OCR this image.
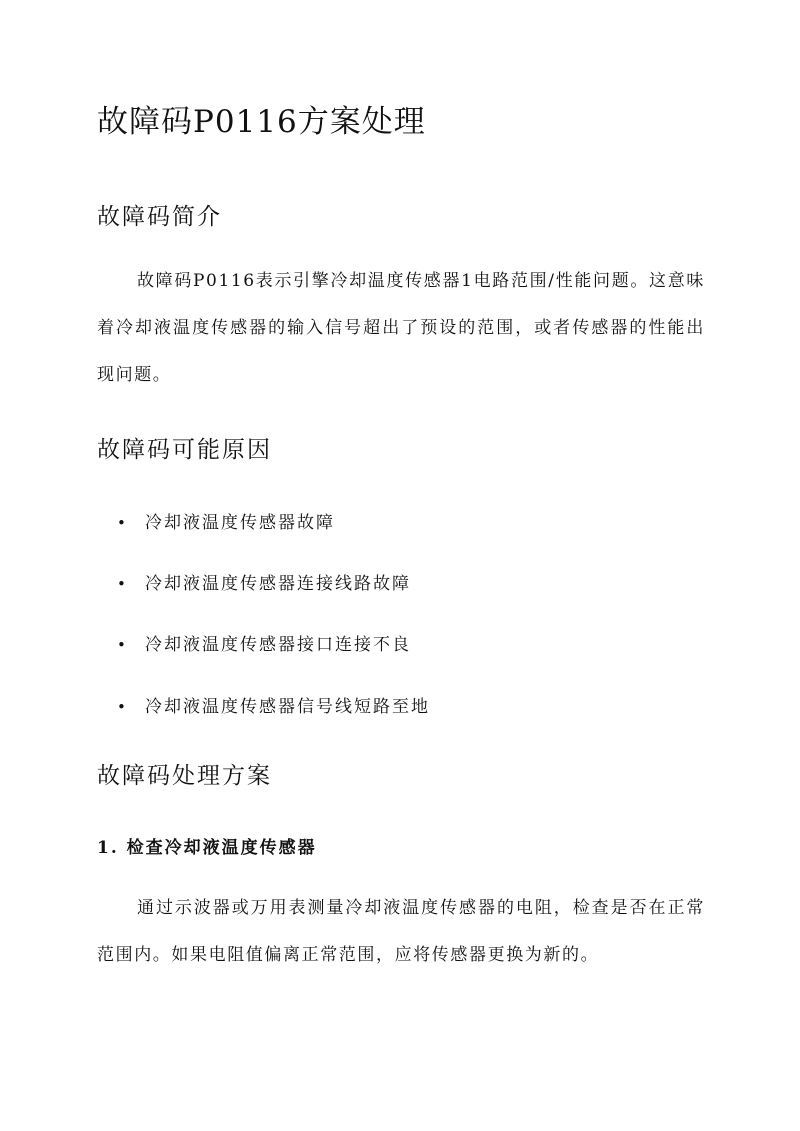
故障码P0116方案处理
故障码简介
故障码P0116表示引擎冷却温度传感器1电路范围/性能问题。这意味着冷却液温度传感器的输入信号超出了预设的范围，或者传感器的性能出现问题。
故障码可能原因
• 冷却液温度传感器故障
• 冷却液温度传感器连接线路故障
• 冷却液温度传感器接口连接不良
• 冷却液温度传感器信号线短路至地
故障码处理方案
1. 检查冷却液温度传感器
通过示波器或万用表测量冷却液温度传感器的电阻，检查是否在正常范围内。如果电阻值偏离正常范围，应将传感器更换为新的。
